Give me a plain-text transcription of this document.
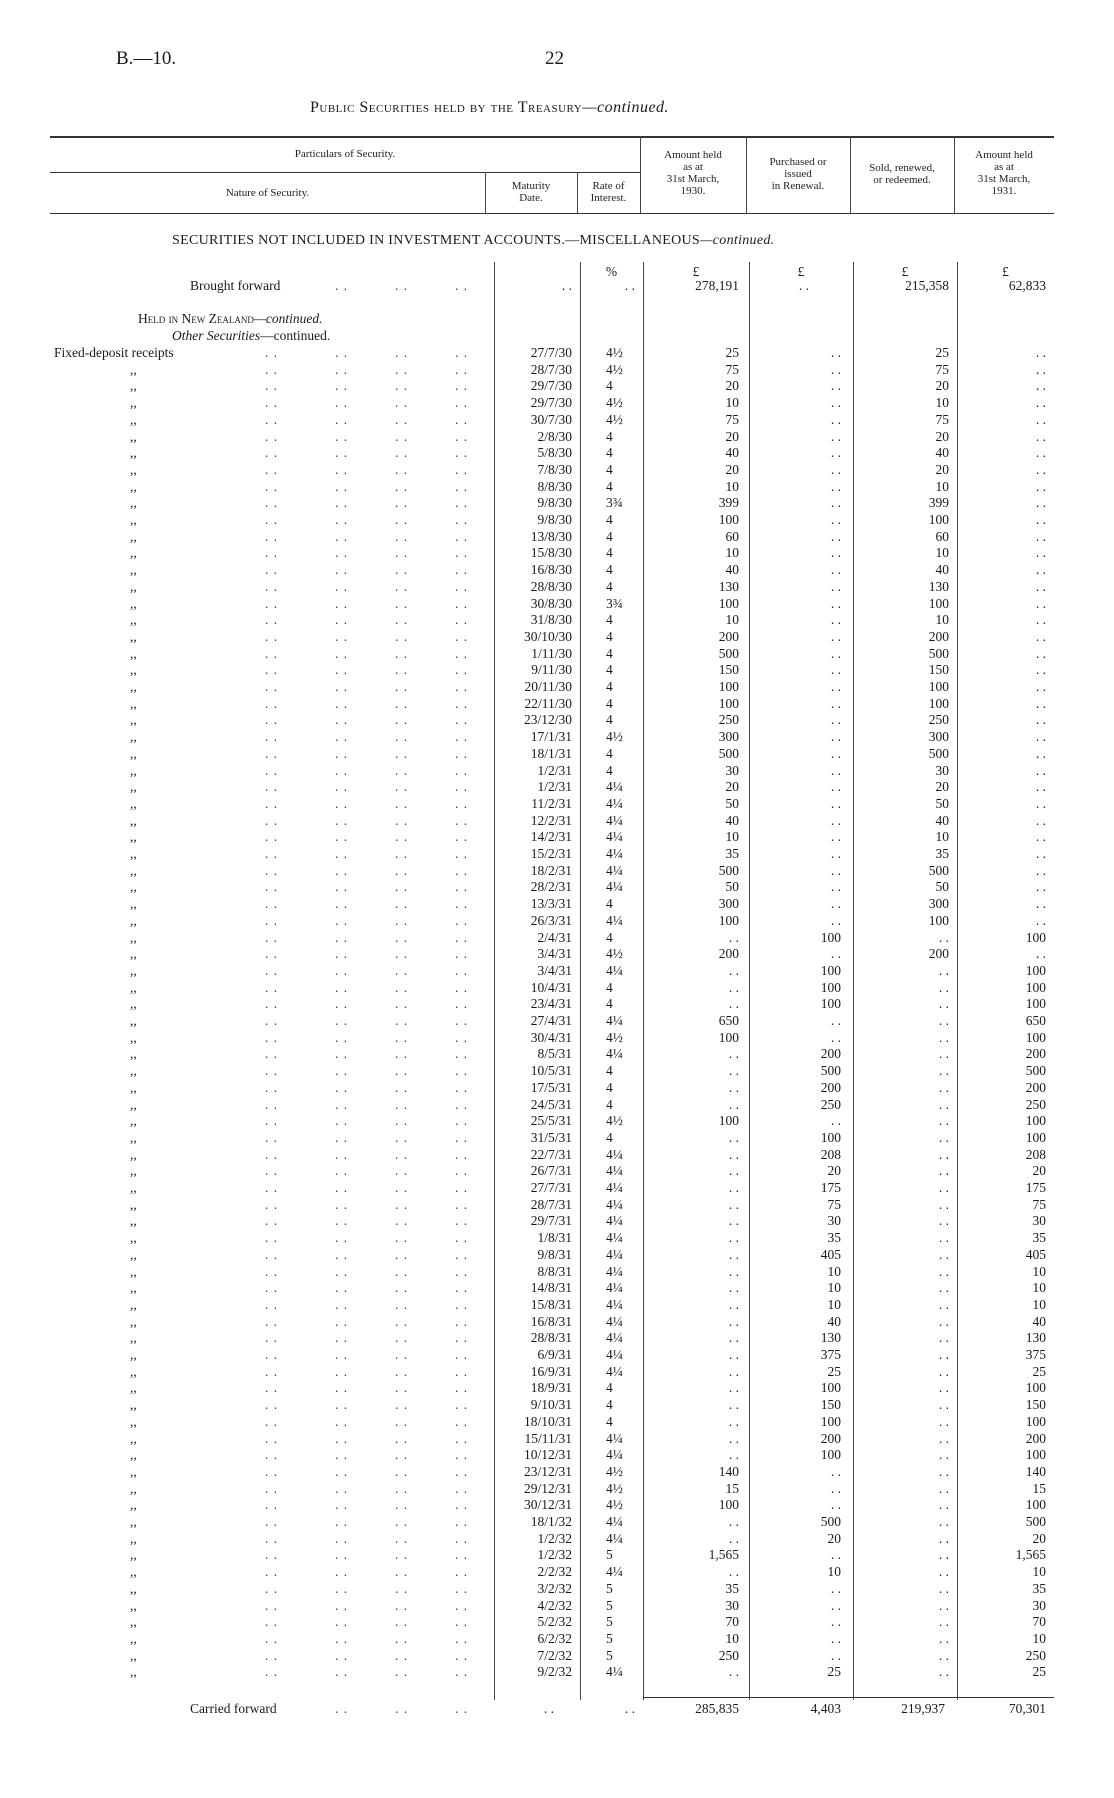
B.—10.	22
Public Securities held by the Treasury—continued.
Particulars of Security.
Nature of Security.
Maturity
Date.
Rate of
Interest.
Amount held
as at
31st March,
1930.
Purchased or
issued
in Renewal.
Sold, renewed,
or redeemed.
Amount held
as at
31st March,
1931.
SECURITIES NOT INCLUDED IN INVESTMENT ACCOUNTS.—MISCELLANEOUS—continued.
%	£	£	£	£
Brought forward	. .	. .	. .	. .	. .	278,191	. .	215,358	62,833
Held in New Zealand—continued.
Other Securities—continued.
Fixed-deposit receipts	. .	. .	. .	. .	27/7/30	4½	25	. .	25	. .
,,	. .	. .	. .	. .	28/7/30	4½	75	. .	75	. .
,,	. .	. .	. .	. .	29/7/30	4	20	. .	20	. .
,,	. .	. .	. .	. .	29/7/30	4½	10	. .	10	. .
,,	. .	. .	. .	. .	30/7/30	4½	75	. .	75	. .
,,	. .	. .	. .	. .	2/8/30	4	20	. .	20	. .
,,	. .	. .	. .	. .	5/8/30	4	40	. .	40	. .
,,	. .	. .	. .	. .	7/8/30	4	20	. .	20	. .
,,	. .	. .	. .	. .	8/8/30	4	10	. .	10	. .
,,	. .	. .	. .	. .	9/8/30	3¾	399	. .	399	. .
,,	. .	. .	. .	. .	9/8/30	4	100	. .	100	. .
,,	. .	. .	. .	. .	13/8/30	4	60	. .	60	. .
,,	. .	. .	. .	. .	15/8/30	4	10	. .	10	. .
,,	. .	. .	. .	. .	16/8/30	4	40	. .	40	. .
,,	. .	. .	. .	. .	28/8/30	4	130	. .	130	. .
,,	. .	. .	. .	. .	30/8/30	3¾	100	. .	100	. .
,,	. .	. .	. .	. .	31/8/30	4	10	. .	10	. .
,,	. .	. .	. .	. .	30/10/30	4	200	. .	200	. .
,,	. .	. .	. .	. .	1/11/30	4	500	. .	500	. .
,,	. .	. .	. .	. .	9/11/30	4	150	. .	150	. .
,,	. .	. .	. .	. .	20/11/30	4	100	. .	100	. .
,,	. .	. .	. .	. .	22/11/30	4	100	. .	100	. .
,,	. .	. .	. .	. .	23/12/30	4	250	. .	250	. .
,,	. .	. .	. .	. .	17/1/31	4½	300	. .	300	. .
,,	. .	. .	. .	. .	18/1/31	4	500	. .	500	. .
,,	. .	. .	. .	. .	1/2/31	4	30	. .	30	. .
,,	. .	. .	. .	. .	1/2/31	4¼	20	. .	20	. .
,,	. .	. .	. .	. .	11/2/31	4¼	50	. .	50	. .
,,	. .	. .	. .	. .	12/2/31	4¼	40	. .	40	. .
,,	. .	. .	. .	. .	14/2/31	4¼	10	. .	10	. .
,,	. .	. .	. .	. .	15/2/31	4¼	35	. .	35	. .
,,	. .	. .	. .	. .	18/2/31	4¼	500	. .	500	. .
,,	. .	. .	. .	. .	28/2/31	4¼	50	. .	50	. .
,,	. .	. .	. .	. .	13/3/31	4	300	. .	300	. .
,,	. .	. .	. .	. .	26/3/31	4¼	100	. .	100	. .
,,	. .	. .	. .	. .	2/4/31	4	. .	100	. .	100
,,	. .	. .	. .	. .	3/4/31	4½	200	. .	200	. .
,,	. .	. .	. .	. .	3/4/31	4¼	. .	100	. .	100
,,	. .	. .	. .	. .	10/4/31	4	. .	100	. .	100
,,	. .	. .	. .	. .	23/4/31	4	. .	100	. .	100
,,	. .	. .	. .	. .	27/4/31	4¼	650	. .	. .	650
,,	. .	. .	. .	. .	30/4/31	4½	100	. .	. .	100
,,	. .	. .	. .	. .	8/5/31	4¼	. .	200	. .	200
,,	. .	. .	. .	. .	10/5/31	4	. .	500	. .	500
,,	. .	. .	. .	. .	17/5/31	4	. .	200	. .	200
,,	. .	. .	. .	. .	24/5/31	4	. .	250	. .	250
,,	. .	. .	. .	. .	25/5/31	4½	100	. .	. .	100
,,	. .	. .	. .	. .	31/5/31	4	. .	100	. .	100
,,	. .	. .	. .	. .	22/7/31	4¼	. .	208	. .	208
,,	. .	. .	. .	. .	26/7/31	4¼	. .	20	. .	20
,,	. .	. .	. .	. .	27/7/31	4¼	. .	175	. .	175
,,	. .	. .	. .	. .	28/7/31	4¼	. .	75	. .	75
,,	. .	. .	. .	. .	29/7/31	4¼	. .	30	. .	30
,,	. .	. .	. .	. .	1/8/31	4¼	. .	35	. .	35
,,	. .	. .	. .	. .	9/8/31	4¼	. .	405	. .	405
,,	. .	. .	. .	. .	8/8/31	4¼	. .	10	. .	10
,,	. .	. .	. .	. .	14/8/31	4¼	. .	10	. .	10
,,	. .	. .	. .	. .	15/8/31	4¼	. .	10	. .	10
,,	. .	. .	. .	. .	16/8/31	4¼	. .	40	. .	40
,,	. .	. .	. .	. .	28/8/31	4¼	. .	130	. .	130
,,	. .	. .	. .	. .	6/9/31	4¼	. .	375	. .	375
,,	. .	. .	. .	. .	16/9/31	4¼	. .	25	. .	25
,,	. .	. .	. .	. .	18/9/31	4	. .	100	. .	100
,,	. .	. .	. .	. .	9/10/31	4	. .	150	. .	150
,,	. .	. .	. .	. .	18/10/31	4	. .	100	. .	100
,,	. .	. .	. .	. .	15/11/31	4¼	. .	200	. .	200
,,	. .	. .	. .	. .	10/12/31	4¼	. .	100	. .	100
,,	. .	. .	. .	. .	23/12/31	4½	140	. .	. .	140
,,	. .	. .	. .	. .	29/12/31	4½	15	. .	. .	15
,,	. .	. .	. .	. .	30/12/31	4½	100	. .	. .	100
,,	. .	. .	. .	. .	18/1/32	4¼	. .	500	. .	500
,,	. .	. .	. .	. .	1/2/32	4¼	. .	20	. .	20
,,	. .	. .	. .	. .	1/2/32	5	1,565	. .	. .	1,565
,,	. .	. .	. .	. .	2/2/32	4¼	. .	10	. .	10
,,	. .	. .	. .	. .	3/2/32	5	35	. .	. .	35
,,	. .	. .	. .	. .	4/2/32	5	30	. .	. .	30
,,	. .	. .	. .	. .	5/2/32	5	70	. .	. .	70
,,	. .	. .	. .	. .	6/2/32	5	10	. .	. .	10
,,	. .	. .	. .	. .	7/2/32	5	250	. .	. .	250
,,	. .	. .	. .	. .	9/2/32	4¼	. .	25	. .	25
Carried forward	. .	. .	. .	. .	. .	285,835	4,403	219,937	70,301
